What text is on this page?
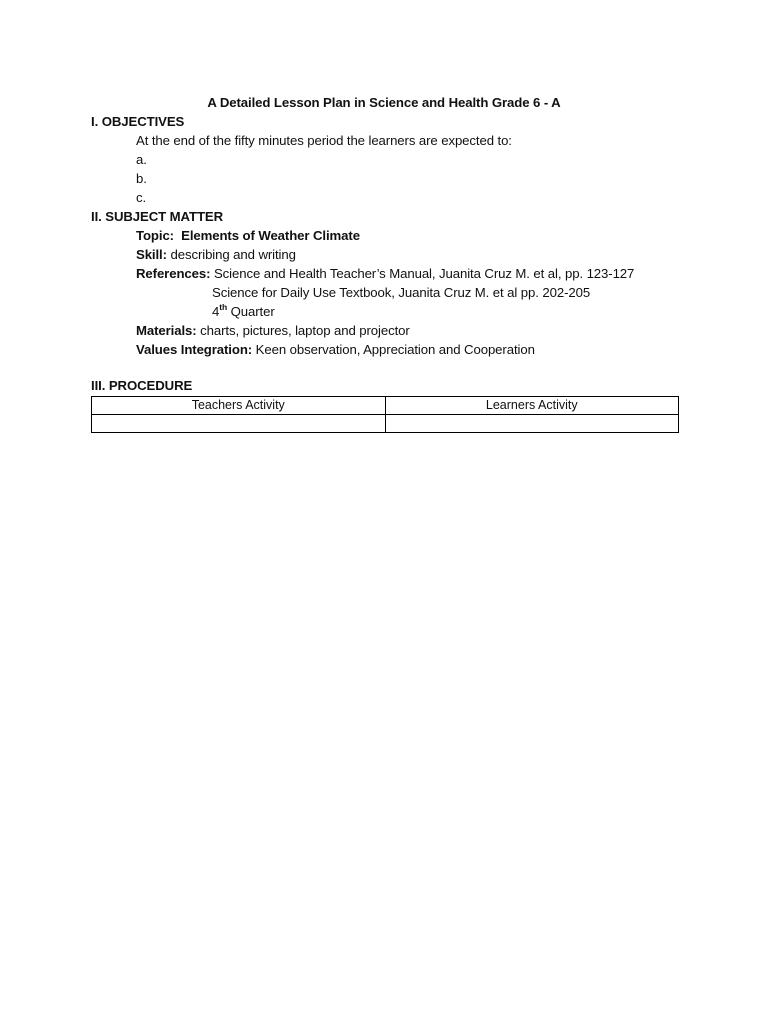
A Detailed Lesson Plan in Science and Health Grade 6 - A
I. OBJECTIVES
At the end of the fifty minutes period the learners are expected to:
a.
b.
c.
II. SUBJECT MATTER
Topic: Elements of Weather Climate
Skill: describing and writing
References: Science and Health Teacher’s Manual, Juanita Cruz M. et al, pp. 123-127
Science for Daily Use Textbook, Juanita Cruz M. et al pp. 202-205
4th Quarter
Materials: charts, pictures, laptop and projector
Values Integration: Keen observation, Appreciation and Cooperation
III. PROCEDURE
Teachers Activity	Learners Activity
